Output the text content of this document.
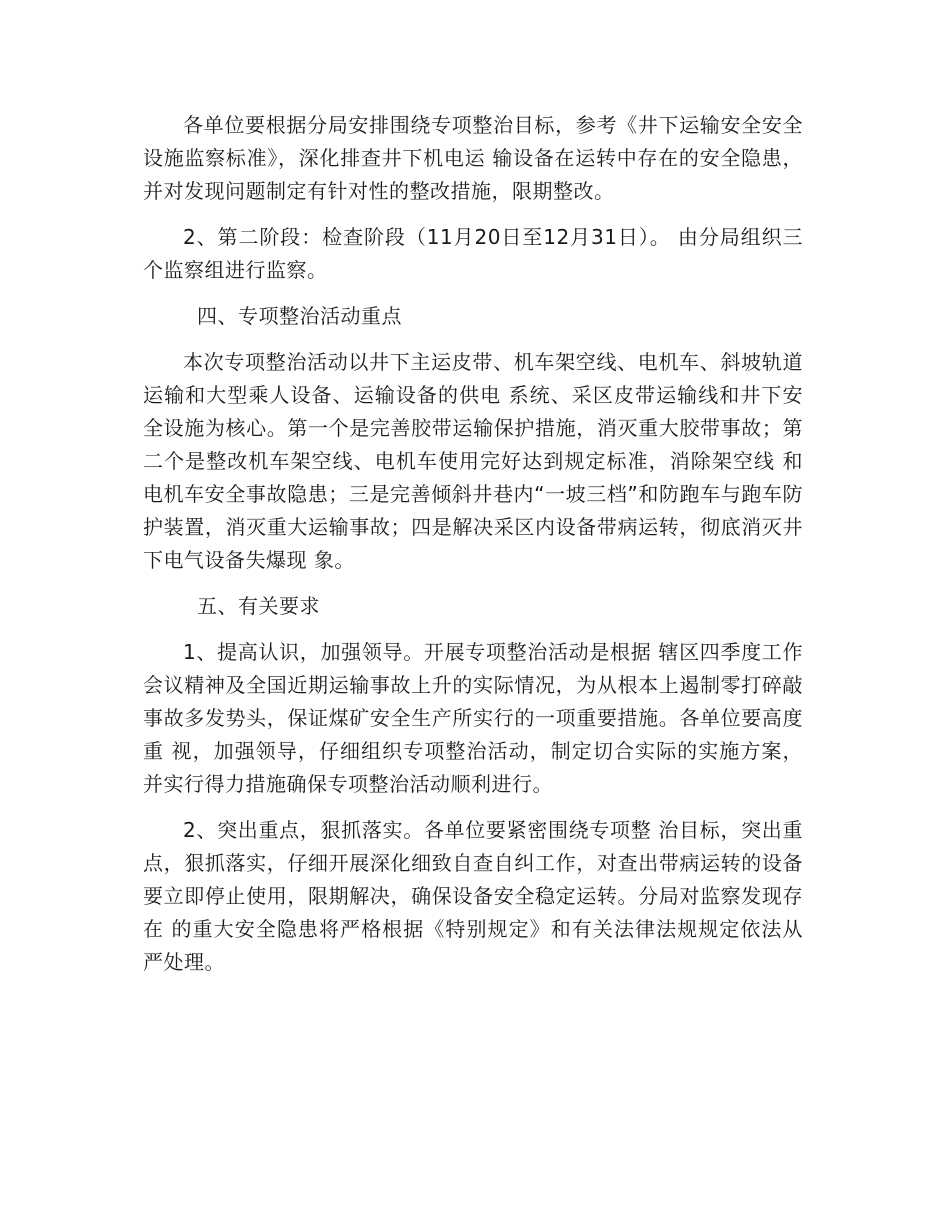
各单位要根据分局安排围绕专项整治目标，参考《井下运输安全安全设施监察标准》，深化排查井下机电运 输设备在运转中存在的安全隐患，并对发现问题制定有针对性的整改措施，限期整改。

2、第二阶段：检查阶段（11月20日至12月31日）。 由分局组织三个监察组进行监察。

四、专项整治活动重点

本次专项整治活动以井下主运皮带、机车架空线、电机车、斜坡轨道运输和大型乘人设备、运输设备的供电 系统、采区皮带运输线和井下安全设施为核心。第一个是完善胶带运输保护措施，消灭重大胶带事故；第二个是整改机车架空线、电机车使用完好达到规定标准，消除架空线 和电机车安全事故隐患；三是完善倾斜井巷内“一坡三档”和防跑车与跑车防护装置，消灭重大运输事故；四是解决采区内设备带病运转，彻底消灭井下电气设备失爆现 象。

五、有关要求

1、提高认识，加强领导。开展专项整治活动是根据 辖区四季度工作会议精神及全国近期运输事故上升的实际情况，为从根本上遏制零打碎敲事故多发势头，保证煤矿安全生产所实行的一项重要措施。各单位要高度重 视，加强领导，仔细组织专项整治活动，制定切合实际的实施方案，并实行得力措施确保专项整治活动顺利进行。

2、突出重点，狠抓落实。各单位要紧密围绕专项整 治目标，突出重点，狠抓落实，仔细开展深化细致自查自纠工作，对查出带病运转的设备要立即停止使用，限期解决，确保设备安全稳定运转。分局对监察发现存在 的重大安全隐患将严格根据《特别规定》和有关法律法规规定依法从严处理。
